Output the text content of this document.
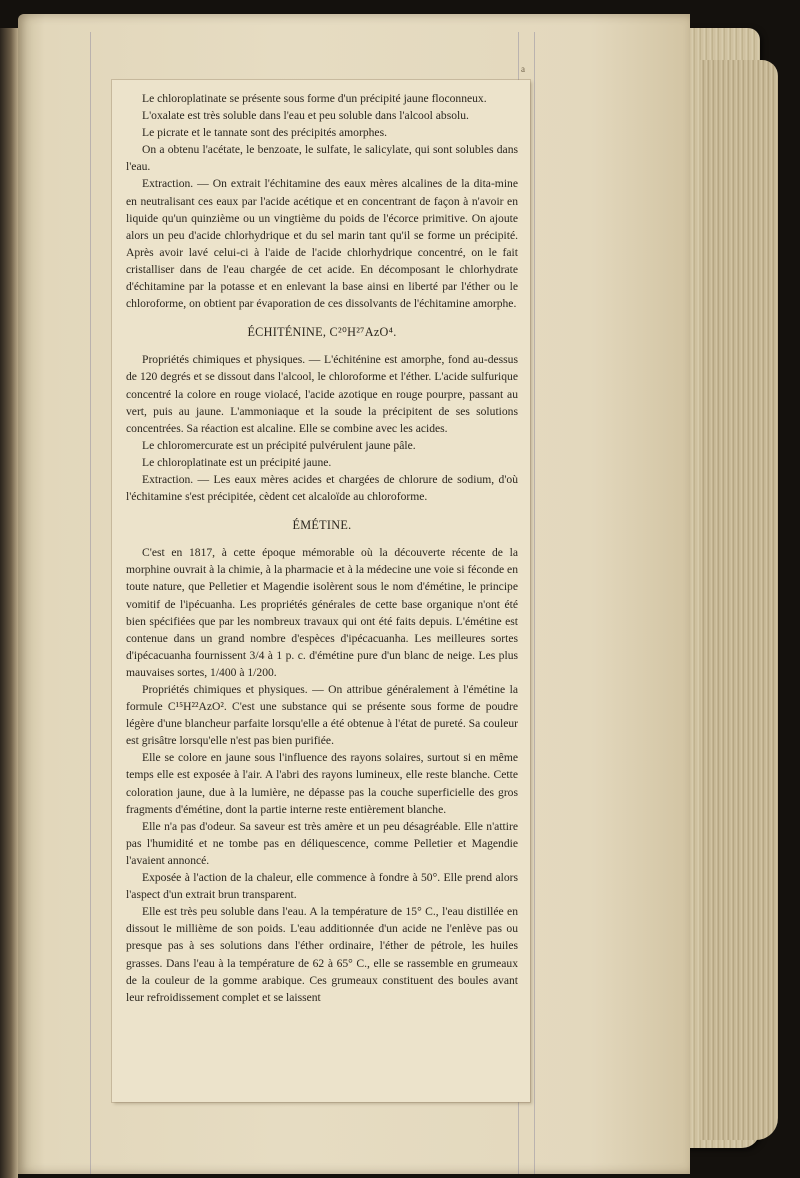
a

Le chloroplatinate se présente sous forme d'un précipité jaune floconneux.

L'oxalate est très soluble dans l'eau et peu soluble dans l'alcool absolu.

Le picrate et le tannate sont des précipités amorphes.

On a obtenu l'acétate, le benzoate, le sulfate, le salicylate, qui sont solubles dans l'eau.

Extraction. — On extrait l'échitamine des eaux mères alcalines de la dita-mine en neutralisant ces eaux par l'acide acétique et en concentrant de façon à n'avoir en liquide qu'un quinzième ou un vingtième du poids de l'écorce primitive. On ajoute alors un peu d'acide chlorhydrique et du sel marin tant qu'il se forme un précipité. Après avoir lavé celui-ci à l'aide de l'acide chlorhydrique concentré, on le fait cristalliser dans de l'eau chargée de cet acide. En décomposant le chlorhydrate d'échitamine par la potasse et en enlevant la base ainsi en liberté par l'éther ou le chloroforme, on obtient par évaporation de ces dissolvants de l'échitamine amorphe.

ÉCHITÉNINE, C²⁰H²⁷AzO⁴.

Propriétés chimiques et physiques. — L'échiténine est amorphe, fond au-dessus de 120 degrés et se dissout dans l'alcool, le chloroforme et l'éther. L'acide sulfurique concentré la colore en rouge violacé, l'acide azotique en rouge pourpre, passant au vert, puis au jaune. L'ammoniaque et la soude la précipitent de ses solutions concentrées. Sa réaction est alcaline. Elle se combine avec les acides.

Le chloromercurate est un précipité pulvérulent jaune pâle.

Le chloroplatinate est un précipité jaune.

Extraction. — Les eaux mères acides et chargées de chlorure de sodium, d'où l'échitamine s'est précipitée, cèdent cet alcaloïde au chloroforme.

ÉMÉTINE.

C'est en 1817, à cette époque mémorable où la découverte récente de la morphine ouvrait à la chimie, à la pharmacie et à la médecine une voie si féconde en toute nature, que Pelletier et Magendie isolèrent sous le nom d'émétine, le principe vomitif de l'ipécuanha. Les propriétés générales de cette base organique n'ont été bien spécifiées que par les nombreux travaux qui ont été faits depuis. L'émétine est contenue dans un grand nombre d'espèces d'ipécacuanha. Les meilleures sortes d'ipécacuanha fournissent 3/4 à 1 p. c. d'émétine pure d'un blanc de neige. Les plus mauvaises sortes, 1/400 à 1/200.

Propriétés chimiques et physiques. — On attribue généralement à l'émétine la formule C¹⁵H²²AzO². C'est une substance qui se présente sous forme de poudre légère d'une blancheur parfaite lorsqu'elle a été obtenue à l'état de pureté. Sa couleur est grisâtre lorsqu'elle n'est pas bien purifiée.

Elle se colore en jaune sous l'influence des rayons solaires, surtout si en même temps elle est exposée à l'air. A l'abri des rayons lumineux, elle reste blanche. Cette coloration jaune, due à la lumière, ne dépasse pas la couche superficielle des gros fragments d'émétine, dont la partie interne reste entièrement blanche.

Elle n'a pas d'odeur. Sa saveur est très amère et un peu désagréable. Elle n'attire pas l'humidité et ne tombe pas en déliquescence, comme Pelletier et Magendie l'avaient annoncé.

Exposée à l'action de la chaleur, elle commence à fondre à 50°. Elle prend alors l'aspect d'un extrait brun transparent.

Elle est très peu soluble dans l'eau. A la température de 15° C., l'eau distillée en dissout le millième de son poids. L'eau additionnée d'un acide ne l'enlève pas ou presque pas à ses solutions dans l'éther ordinaire, l'éther de pétrole, les huiles grasses. Dans l'eau à la température de 62 à 65° C., elle se rassemble en grumeaux de la couleur de la gomme arabique. Ces grumeaux constituent des boules avant leur refroidissement complet et se laissent
